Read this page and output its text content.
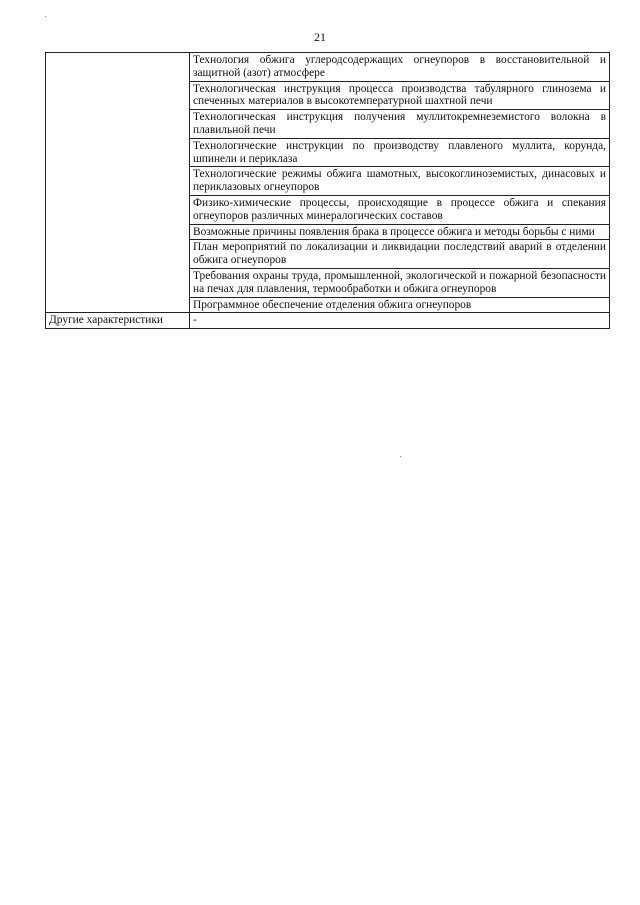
21
	Технология обжига углеродсодержащих огнеупоров в восстановительной и защитной (азот) атмосфере
	Технологическая инструкция процесса производства табулярного глинозема и спеченных материалов в высокотемпературной шахтной печи
	Технологическая инструкция получения муллитокремнеземистого волокна в плавильной печи
	Технологические инструкции по производству плавленого муллита, корунда, шпинели и периклаза
	Технологические режимы обжига шамотных, высокоглиноземистых, динасовых и периклазовых огнеупоров
	Физико-химические процессы, происходящие в процессе обжига и спекания огнеупоров различных минералогических составов
	Возможные причины появления брака в процессе обжига и методы борьбы с ними
	План мероприятий по локализации и ликвидации последствий аварий в отделении обжига огнеупоров
	Требования охраны труда, промышленной, экологической и пожарной безопасности на печах для плавления, термообработки и обжига огнеупоров
	Программное обеспечение отделения обжига огнеупоров
Другие характеристики	-
